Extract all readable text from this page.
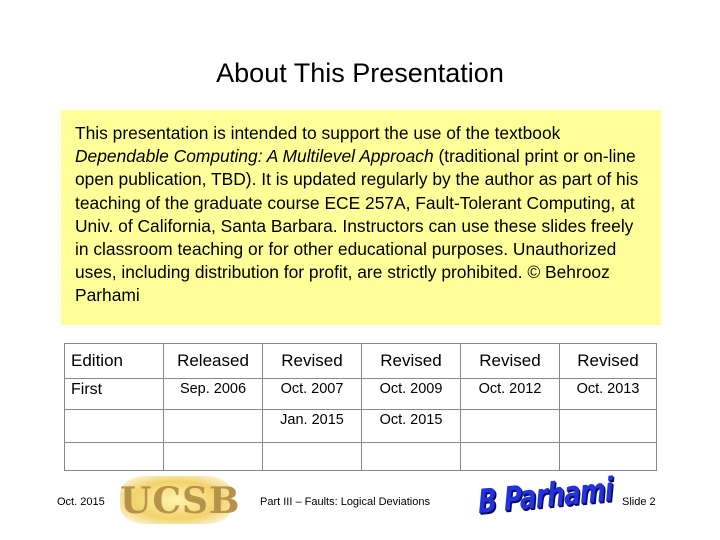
About This Presentation
This presentation is intended to support the use of the textbook Dependable Computing: A Multilevel Approach (traditional print or on-line open publication, TBD). It is updated regularly by the author as part of his teaching of the graduate course ECE 257A, Fault-Tolerant Computing, at Univ. of California, Santa Barbara. Instructors can use these slides freely in classroom teaching or for other educational purposes. Unauthorized uses, including distribution for profit, are strictly prohibited. © Behrooz Parhami
Edition	Released	Revised	Revised	Revised	Revised
First	Sep. 2006	Oct. 2007	Oct. 2009	Oct. 2012	Oct. 2013
		Jan. 2015	Oct. 2015		

Oct. 2015 UCSB Part III – Faults: Logical Deviations B Parhami Slide 2
